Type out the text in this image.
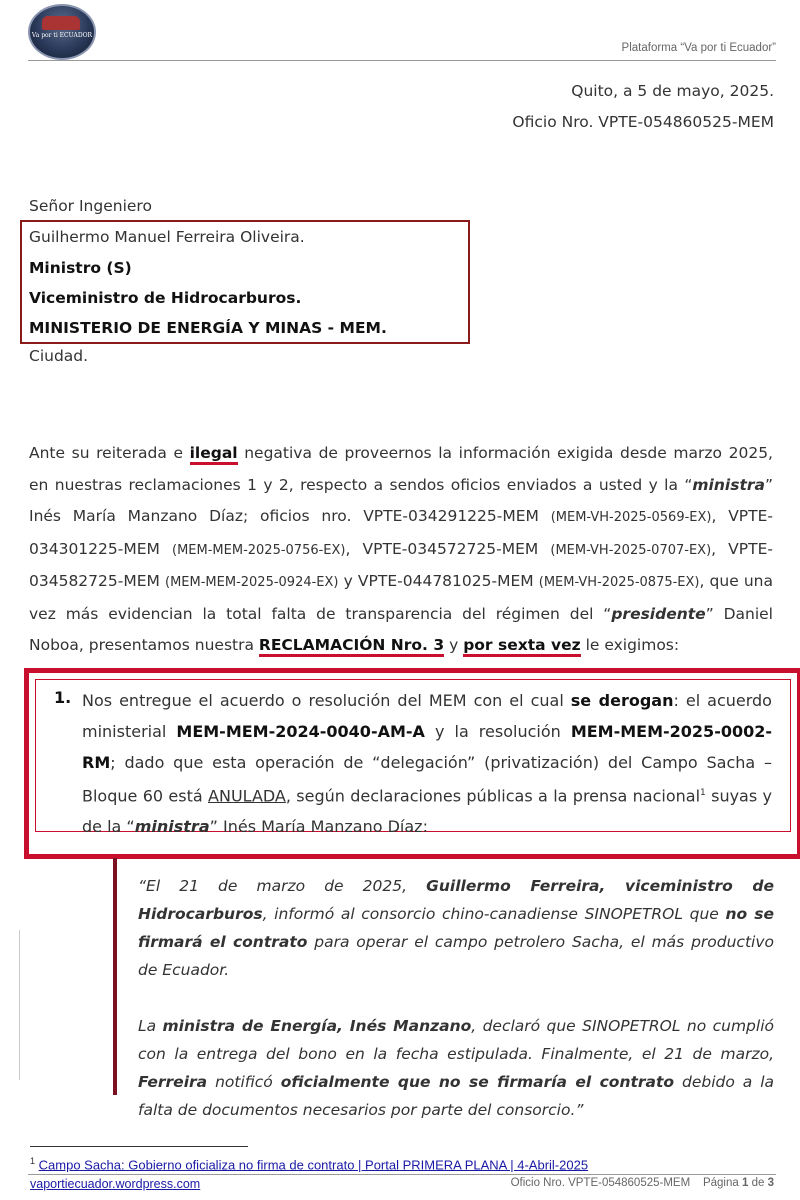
Va por ti ECUADOR
Plataforma “Va por ti Ecuador”
Quito, a 5 de mayo, 2025.
Oficio Nro. VPTE-054860525-MEM
Señor Ingeniero
Guilhermo Manuel Ferreira Oliveira.
Ministro (S)
Viceministro de Hidrocarburos.
MINISTERIO DE ENERGÍA Y MINAS - MEM.
Ciudad.
Ante su reiterada e ilegal negativa de proveernos la información exigida desde marzo 2025, en nuestras reclamaciones 1 y 2, respecto a sendos oficios enviados a usted y la “ministra” Inés María Manzano Díaz; oficios nro. VPTE-034291225-MEM (MEM-VH-2025-0569-EX), VPTE-034301225-MEM (MEM-MEM-2025-0756-EX), VPTE-034572725-MEM (MEM-VH-2025-0707-EX), VPTE-034582725-MEM (MEM-MEM-2025-0924-EX) y VPTE-044781025-MEM (MEM-VH-2025-0875-EX), que una vez más evidencian la total falta de transparencia del régimen del “presidente” Daniel Noboa, presentamos nuestra RECLAMACIÓN Nro. 3 y por sexta vez le exigimos:
1. Nos entregue el acuerdo o resolución del MEM con el cual se derogan: el acuerdo ministerial MEM-MEM-2024-0040-AM-A y la resolución MEM-MEM-2025-0002-RM; dado que esta operación de “delegación” (privatización) del Campo Sacha – Bloque 60 está ANULADA, según declaraciones públicas a la prensa nacional$^1$ suyas y de la “ministra” Inés María Manzano Díaz:

“El 21 de marzo de 2025, Guillermo Ferreira, viceministro de Hidrocarburos, informó al consorcio chino-canadiense SINOPETROL que no se firmará el contrato para operar el campo petrolero Sacha, el más productivo de Ecuador.

La ministra de Energía, Inés Manzano, declaró que SINOPETROL no cumplió con la entrega del bono en la fecha estipulada. Finalmente, el 21 de marzo, Ferreira notificó oficialmente que no se firmaría el contrato debido a la falta de documentos necesarios por parte del consorcio.”

$^1$ Campo Sacha: Gobierno oficializa no firma de contrato | Portal PRIMERA PLANA | 4-Abril-2025
vaportiecuador.wordpress.com	Oficio Nro. VPTE-054860525-MEM Página 1 de 3
